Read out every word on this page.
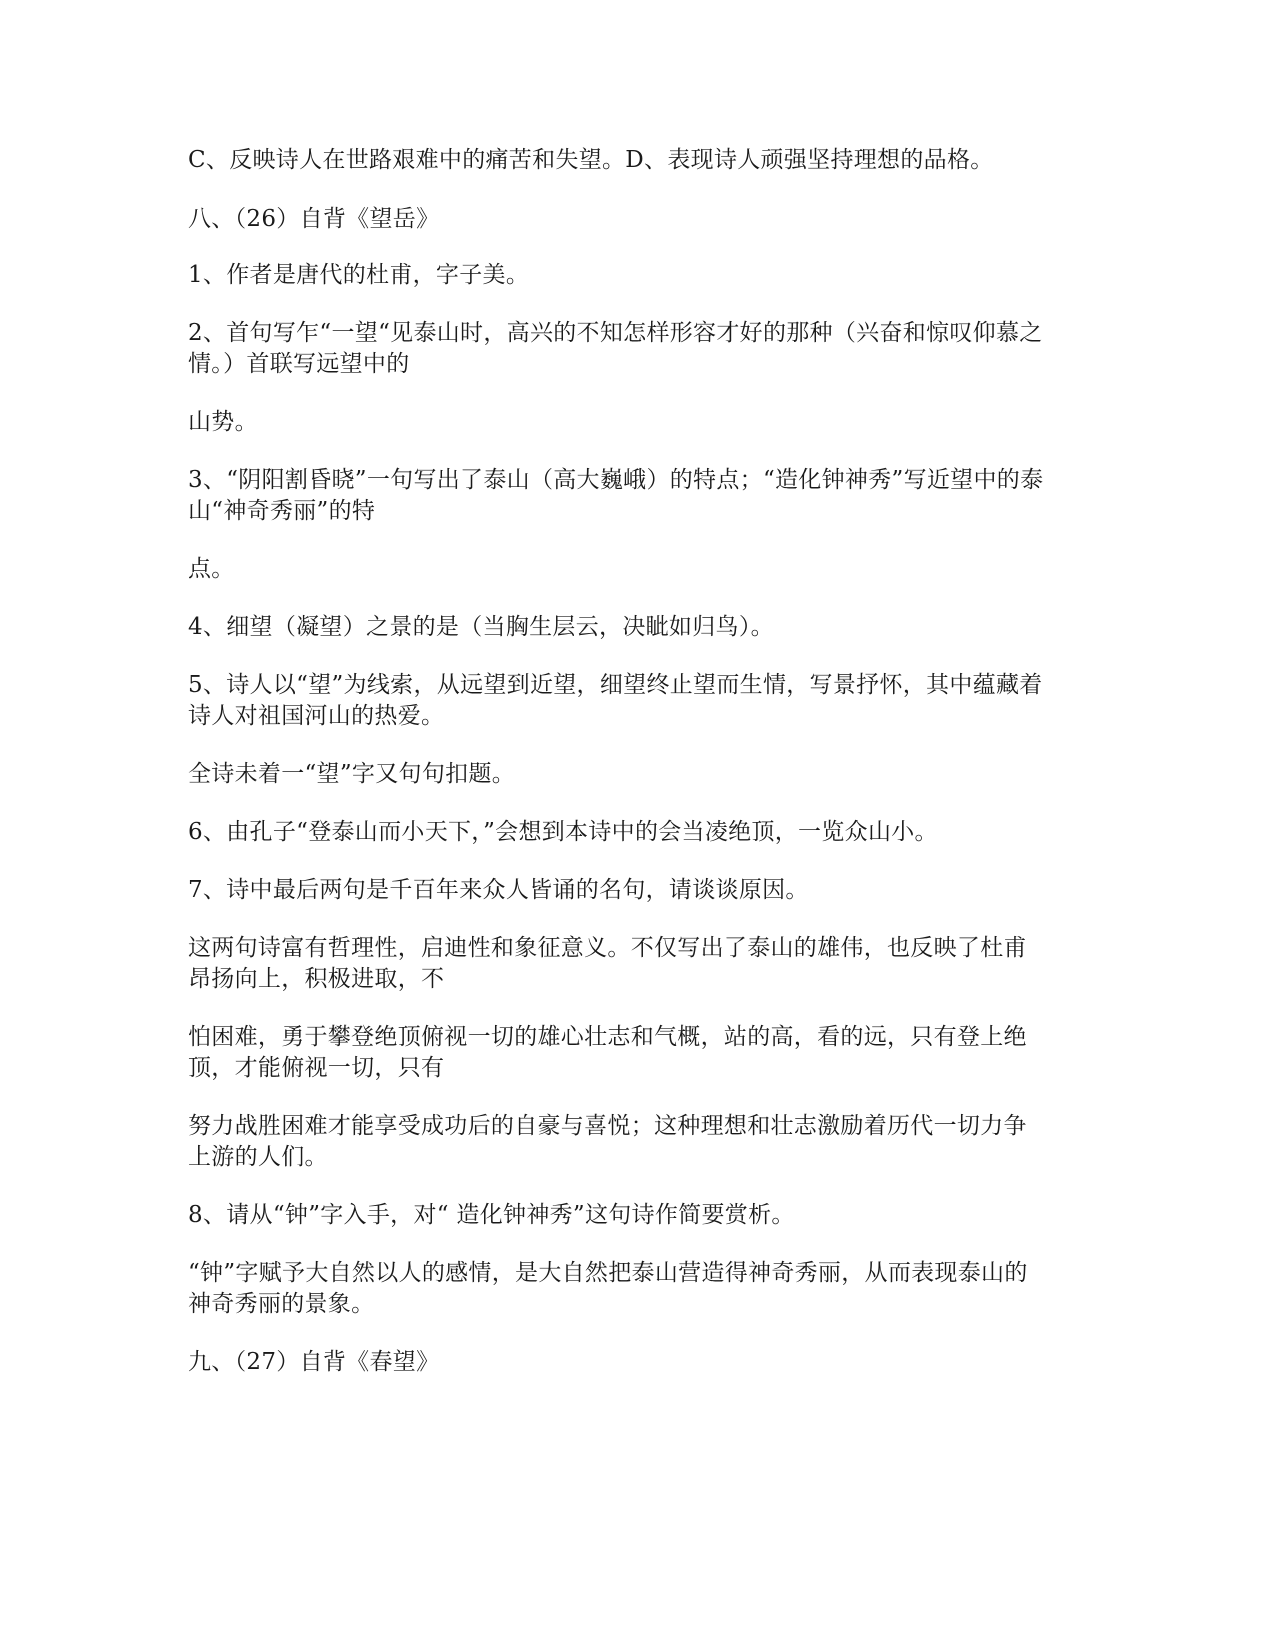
C、反映诗人在世路艰难中的痛苦和失望。D、表现诗人顽强坚持理想的品格。

八、（26）自背《望岳》

1、作者是唐代的杜甫，字子美。

2、首句写乍“一望“见泰山时，高兴的不知怎样形容才好的那种（兴奋和惊叹仰慕之

情。）首联写远望中的

山势。

3、“阴阳割昏晓”一句写出了泰山（高大巍峨）的特点；“造化钟神秀”写近望中的泰

山“神奇秀丽”的特

点。

4、细望（凝望）之景的是（当胸生层云，决眦如归鸟）。

5、诗人以“望”为线索，从远望到近望，细望终止望而生情，写景抒怀，其中蕴藏着

诗人对祖国河山的热爱。

全诗未着一“望”字又句句扣题。

6、由孔子“登泰山而小天下，”会想到本诗中的会当凌绝顶，一览众山小。

7、诗中最后两句是千百年来众人皆诵的名句，请谈谈原因。

这两句诗富有哲理性，启迪性和象征意义。不仅写出了泰山的雄伟，也反映了杜甫

昂扬向上，积极进取，不

怕困难，勇于攀登绝顶俯视一切的雄心壮志和气概，站的高，看的远，只有登上绝

顶，才能俯视一切，只有

努力战胜困难才能享受成功后的自豪与喜悦；这种理想和壮志激励着历代一切力争

上游的人们。

8、请从“钟”字入手，对“ 造化钟神秀”这句诗作简要赏析。

“钟”字赋予大自然以人的感情，是大自然把泰山营造得神奇秀丽，从而表现泰山的

神奇秀丽的景象。

九、（27）自背《春望》
